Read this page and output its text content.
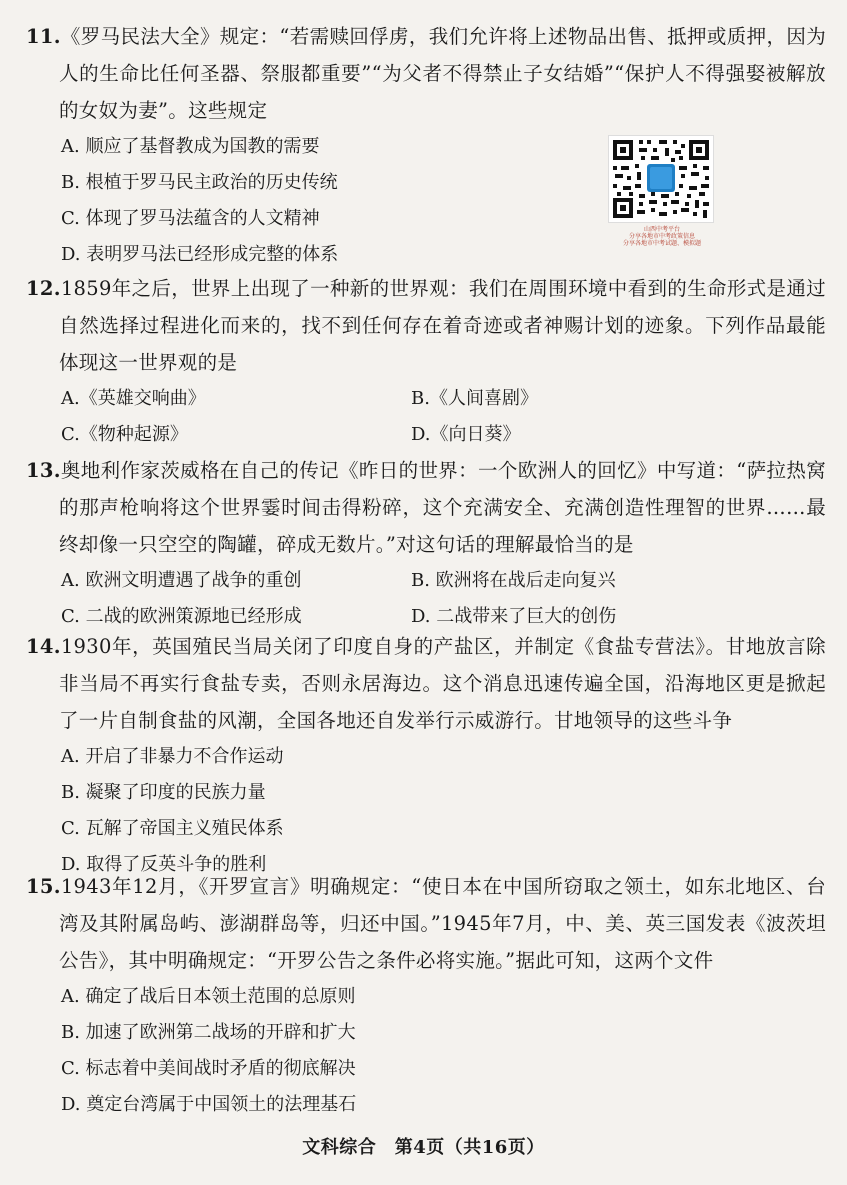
11.《罗马民法大全》规定：“若需赎回俘虏，我们允许将上述物品出售、抵押或质押，因为人的生命比任何圣器、祭服都重要”“为父者不得禁止子女结婚”“保护人不得强娶被解放的女奴为妻”。这些规定

A. 顺应了基督教成为国教的需要
B. 根植于罗马民主政治的历史传统
C. 体现了罗马法蕴含的人文精神
D. 表明罗马法已经形成完整的体系
山西中考平台
分享各地市中考政策信息
分享各地市中考试题、模拟题

12.1859年之后，世界上出现了一种新的世界观：我们在周围环境中看到的生命形式是通过自然选择过程进化而来的，找不到任何存在着奇迹或者神赐计划的迹象。下列作品最能体现这一世界观的是

A.《英雄交响曲》	B.《人间喜剧》
C.《物种起源》	D.《向日葵》

13.奥地利作家茨威格在自己的传记《昨日的世界：一个欧洲人的回忆》中写道：“萨拉热窝的那声枪响将这个世界霎时间击得粉碎，这个充满安全、充满创造性理智的世界……最终却像一只空空的陶罐，碎成无数片。”对这句话的理解最恰当的是

A. 欧洲文明遭遇了战争的重创	B. 欧洲将在战后走向复兴
C. 二战的欧洲策源地已经形成	D. 二战带来了巨大的创伤

14.1930年，英国殖民当局关闭了印度自身的产盐区，并制定《食盐专营法》。甘地放言除非当局不再实行食盐专卖，否则永居海边。这个消息迅速传遍全国，沿海地区更是掀起了一片自制食盐的风潮，全国各地还自发举行示威游行。甘地领导的这些斗争

A. 开启了非暴力不合作运动
B. 凝聚了印度的民族力量
C. 瓦解了帝国主义殖民体系
D. 取得了反英斗争的胜利

15.1943年12月，《开罗宣言》明确规定：“使日本在中国所窃取之领土，如东北地区、台湾及其附属岛屿、澎湖群岛等，归还中国。”1945年7月，中、美、英三国发表《波茨坦公告》，其中明确规定：“开罗公告之条件必将实施。”据此可知，这两个文件

A. 确定了战后日本领土范围的总原则
B. 加速了欧洲第二战场的开辟和扩大
C. 标志着中美间战时矛盾的彻底解决
D. 奠定台湾属于中国领土的法理基石
文科综合　第4页（共16页）
